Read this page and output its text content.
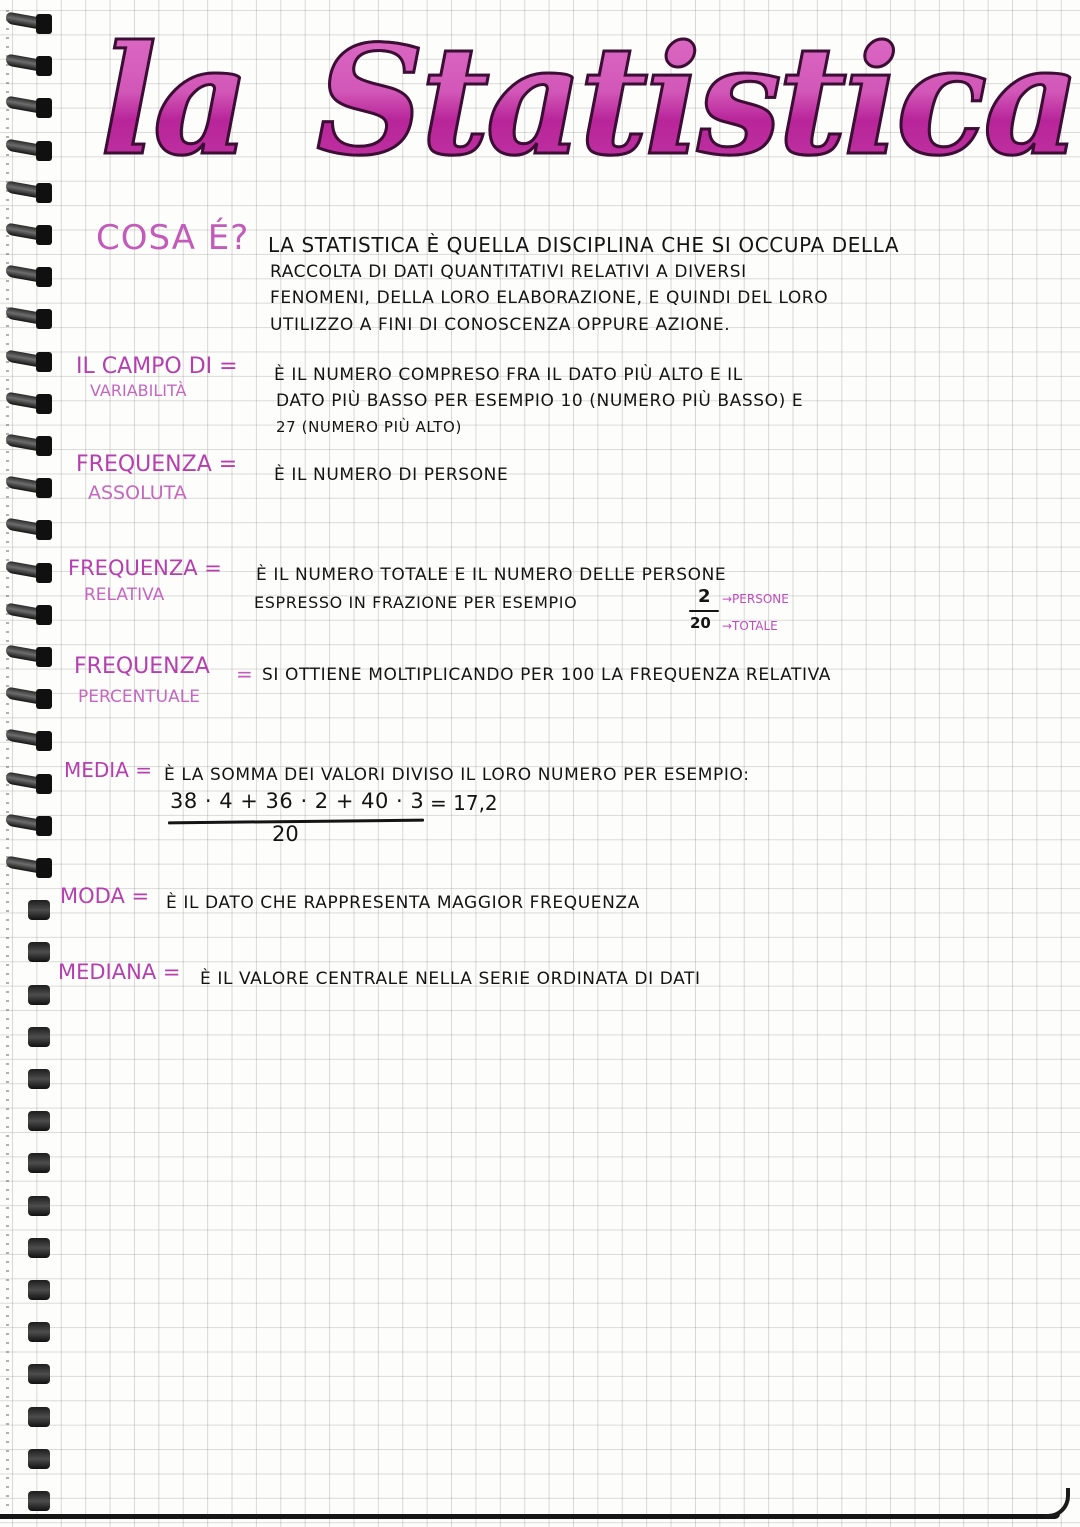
la Statistica
COSA É? LA STATISTICA È QUELLA DISCIPLINA CHE SI OCCUPA DELLA
RACCOLTA DI DATI QUANTITATIVI RELATIVI A DIVERSI
FENOMENI, DELLA LORO ELABORAZIONE, E QUINDI DEL LORO
UTILIZZO A FINI DI CONOSCENZA OPPURE AZIONE.
IL CAMPO DI =
VARIABILITÀ
È IL NUMERO COMPRESO FRA IL DATO PIÙ ALTO E IL
DATO PIÙ BASSO PER ESEMPIO 10 (NUMERO PIÙ BASSO) E
27 (NUMERO PIÙ ALTO)
FREQUENZA =
ASSOLUTA
È IL NUMERO DI PERSONE
FREQUENZA =
RELATIVA
È IL NUMERO TOTALE E IL NUMERO DELLE PERSONE
ESPRESSO IN FRAZIONE PER ESEMPIO	2
20
→PERSONE
→TOTALE
FREQUENZA =
PERCENTUALE
SI OTTIENE MOLTIPLICANDO PER 100 LA FREQUENZA RELATIVA
MEDIA = È LA SOMMA DEI VALORI DIVISO IL LORO NUMERO PER ESEMPIO:
38 · 4 + 36 · 2 + 40 · 3
20
= 17,2
MODA = È IL DATO CHE RAPPRESENTA MAGGIOR FREQUENZA
MEDIANA = È IL VALORE CENTRALE NELLA SERIE ORDINATA DI DATI
